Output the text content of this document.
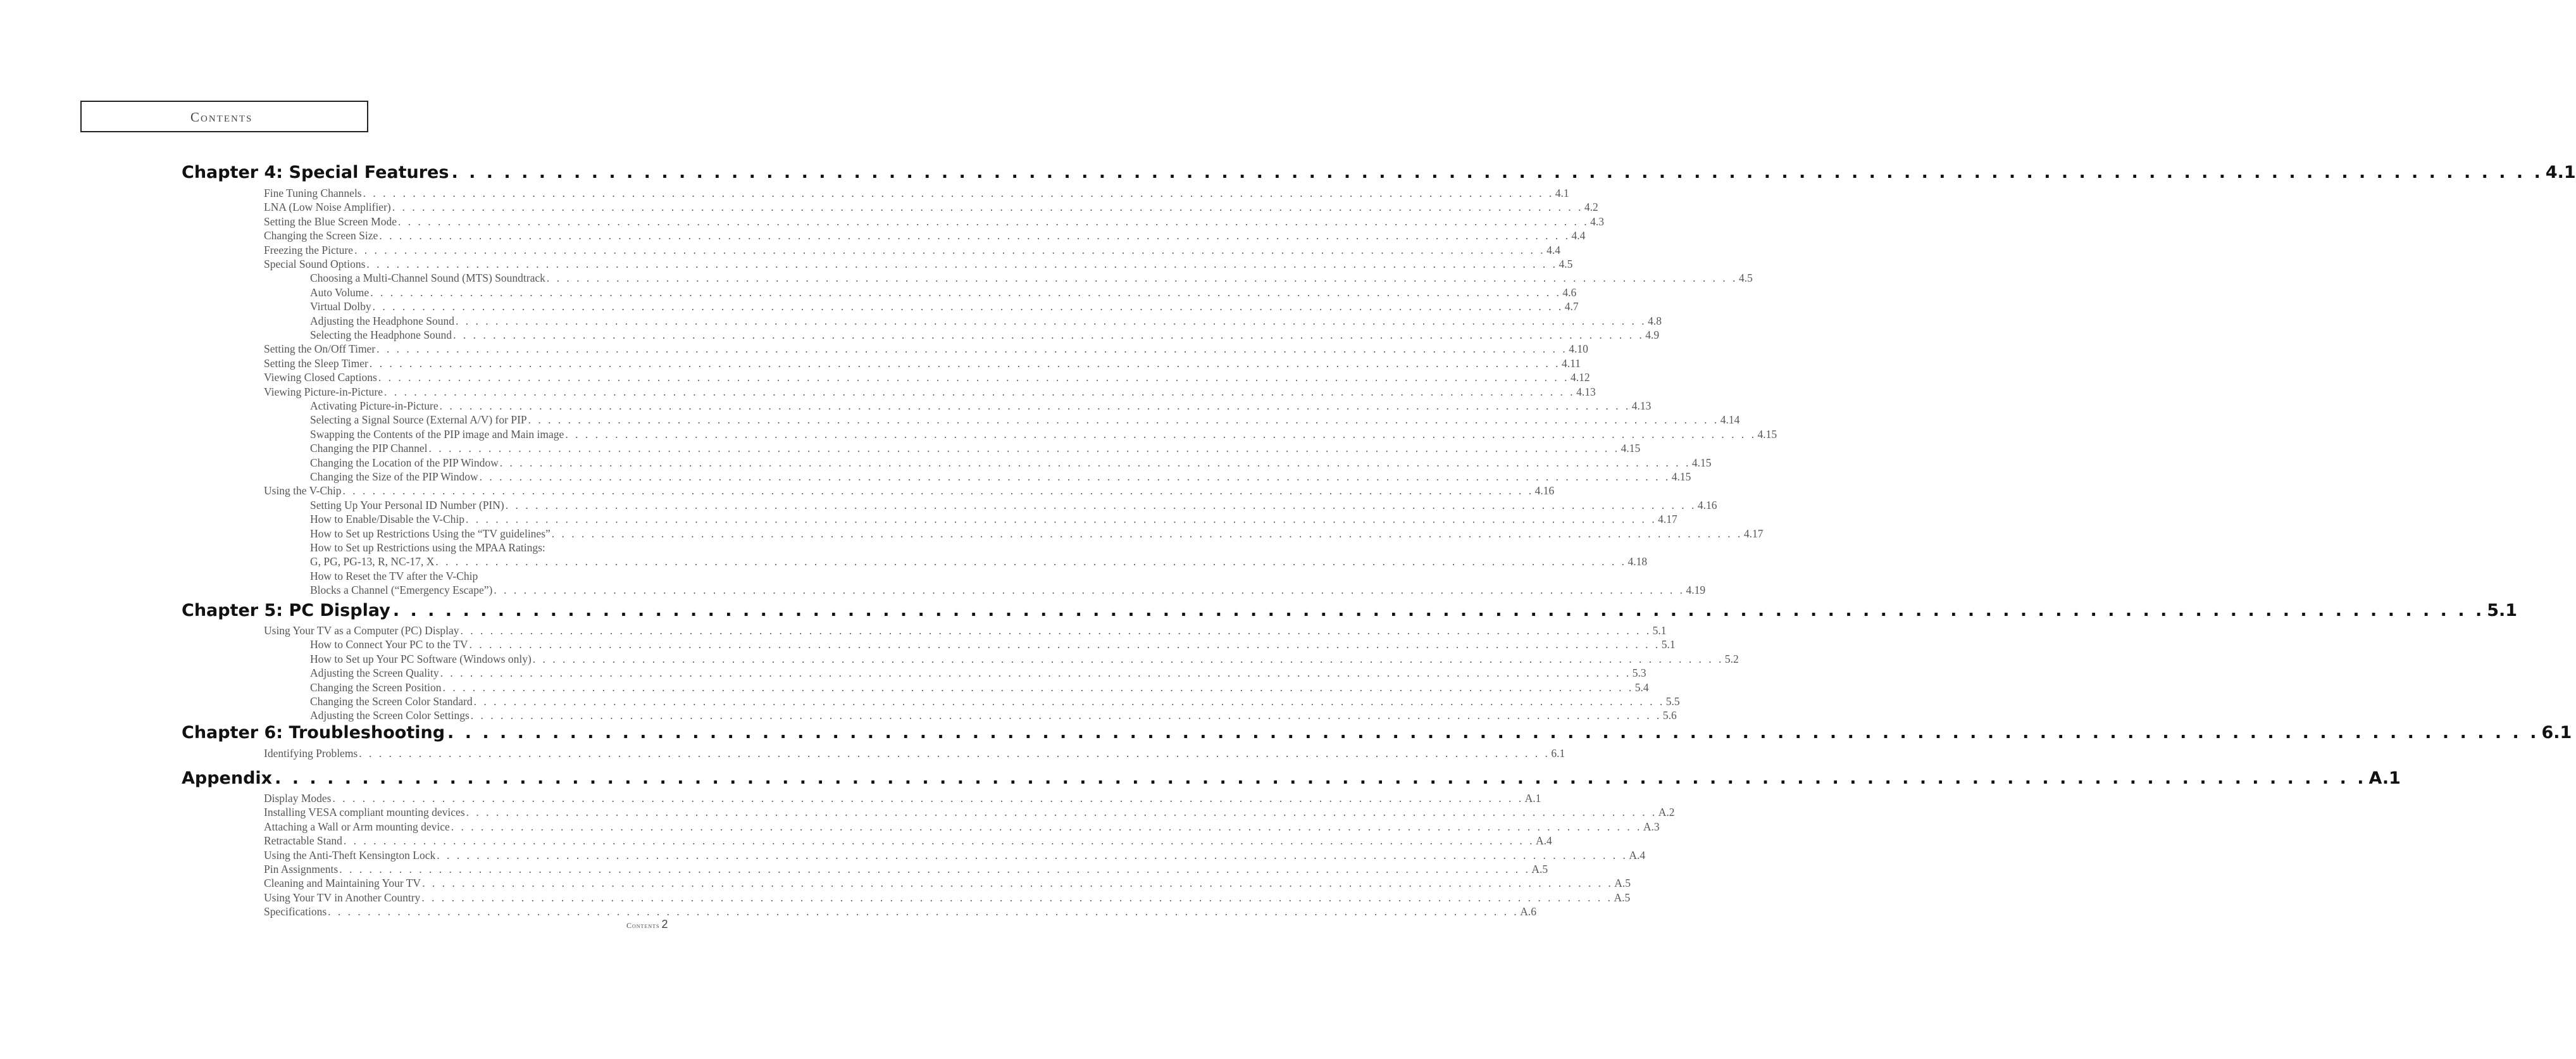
Contents
Chapter 4: Special Features . . . . . . . . . . . . . . . . . . . . . . . . . . . . . . . . . . . . . . . . . . . . . . . . . . . . . . . . . . . . . . . . . . . . . . . . . . . . . . . . . . . . . . . . . . . . . . . . . . . . . . . . . . . . . . . . . . . . . . . . 4.1
Fine Tuning Channels . . . . . . . . . . . . . . . . . . . . . . . . . . . . . . . . . . . . . . . . . . . . . . . . . . . . . . . . . . . . . . . . . . . . . . . . . . . . . . . . . . . . . . . . . . . . . . . . . . . . . . . . . . . . . . . . . . . . . . . . 4.1
LNA (Low Noise Amplifier) . . . . . . . . . . . . . . . . . . . . . . . . . . . . . . . . . . . . . . . . . . . . . . . . . . . . . . . . . . . . . . . . . . . . . . . . . . . . . . . . . . . . . . . . . . . . . . . . . . . . . . . . . . . . . . . . . . . . . . . . 4.2
Setting the Blue Screen Mode . . . . . . . . . . . . . . . . . . . . . . . . . . . . . . . . . . . . . . . . . . . . . . . . . . . . . . . . . . . . . . . . . . . . . . . . . . . . . . . . . . . . . . . . . . . . . . . . . . . . . . . . . . . . . . . . . . . . . . . . 4.3
Changing the Screen Size . . . . . . . . . . . . . . . . . . . . . . . . . . . . . . . . . . . . . . . . . . . . . . . . . . . . . . . . . . . . . . . . . . . . . . . . . . . . . . . . . . . . . . . . . . . . . . . . . . . . . . . . . . . . . . . . . . . . . . . . 4.4
Freezing the Picture . . . . . . . . . . . . . . . . . . . . . . . . . . . . . . . . . . . . . . . . . . . . . . . . . . . . . . . . . . . . . . . . . . . . . . . . . . . . . . . . . . . . . . . . . . . . . . . . . . . . . . . . . . . . . . . . . . . . . . . . 4.4
Special Sound Options . . . . . . . . . . . . . . . . . . . . . . . . . . . . . . . . . . . . . . . . . . . . . . . . . . . . . . . . . . . . . . . . . . . . . . . . . . . . . . . . . . . . . . . . . . . . . . . . . . . . . . . . . . . . . . . . . . . . . . . . 4.5
Choosing a Multi-Channel Sound (MTS) Soundtrack . . . . . . . . . . . . . . . . . . . . . . . . . . . . . . . . . . . . . . . . . . . . . . . . . . . . . . . . . . . . . . . . . . . . . . . . . . . . . . . . . . . . . . . . . . . . . . . . . . . . . . . . . . . . . . . . . . . . . . . . 4.5
Auto Volume . . . . . . . . . . . . . . . . . . . . . . . . . . . . . . . . . . . . . . . . . . . . . . . . . . . . . . . . . . . . . . . . . . . . . . . . . . . . . . . . . . . . . . . . . . . . . . . . . . . . . . . . . . . . . . . . . . . . . . . . 4.6
Virtual Dolby . . . . . . . . . . . . . . . . . . . . . . . . . . . . . . . . . . . . . . . . . . . . . . . . . . . . . . . . . . . . . . . . . . . . . . . . . . . . . . . . . . . . . . . . . . . . . . . . . . . . . . . . . . . . . . . . . . . . . . . . 4.7
Adjusting the Headphone Sound . . . . . . . . . . . . . . . . . . . . . . . . . . . . . . . . . . . . . . . . . . . . . . . . . . . . . . . . . . . . . . . . . . . . . . . . . . . . . . . . . . . . . . . . . . . . . . . . . . . . . . . . . . . . . . . . . . . . . . . . 4.8
Selecting the Headphone Sound . . . . . . . . . . . . . . . . . . . . . . . . . . . . . . . . . . . . . . . . . . . . . . . . . . . . . . . . . . . . . . . . . . . . . . . . . . . . . . . . . . . . . . . . . . . . . . . . . . . . . . . . . . . . . . . . . . . . . . . . 4.9
Setting the On/Off Timer . . . . . . . . . . . . . . . . . . . . . . . . . . . . . . . . . . . . . . . . . . . . . . . . . . . . . . . . . . . . . . . . . . . . . . . . . . . . . . . . . . . . . . . . . . . . . . . . . . . . . . . . . . . . . . . . . . . . . . . . 4.10
Setting the Sleep Timer . . . . . . . . . . . . . . . . . . . . . . . . . . . . . . . . . . . . . . . . . . . . . . . . . . . . . . . . . . . . . . . . . . . . . . . . . . . . . . . . . . . . . . . . . . . . . . . . . . . . . . . . . . . . . . . . . . . . . . . . 4.11
Viewing Closed Captions . . . . . . . . . . . . . . . . . . . . . . . . . . . . . . . . . . . . . . . . . . . . . . . . . . . . . . . . . . . . . . . . . . . . . . . . . . . . . . . . . . . . . . . . . . . . . . . . . . . . . . . . . . . . . . . . . . . . . . . . 4.12
Viewing Picture-in-Picture . . . . . . . . . . . . . . . . . . . . . . . . . . . . . . . . . . . . . . . . . . . . . . . . . . . . . . . . . . . . . . . . . . . . . . . . . . . . . . . . . . . . . . . . . . . . . . . . . . . . . . . . . . . . . . . . . . . . . . . . 4.13
Activating Picture-in-Picture . . . . . . . . . . . . . . . . . . . . . . . . . . . . . . . . . . . . . . . . . . . . . . . . . . . . . . . . . . . . . . . . . . . . . . . . . . . . . . . . . . . . . . . . . . . . . . . . . . . . . . . . . . . . . . . . . . . . . . . . 4.13
Selecting a Signal Source (External A/V) for PIP . . . . . . . . . . . . . . . . . . . . . . . . . . . . . . . . . . . . . . . . . . . . . . . . . . . . . . . . . . . . . . . . . . . . . . . . . . . . . . . . . . . . . . . . . . . . . . . . . . . . . . . . . . . . . . . . . . . . . . . . 4.14
Swapping the Contents of the PIP image and Main image . . . . . . . . . . . . . . . . . . . . . . . . . . . . . . . . . . . . . . . . . . . . . . . . . . . . . . . . . . . . . . . . . . . . . . . . . . . . . . . . . . . . . . . . . . . . . . . . . . . . . . . . . . . . . . . . . . . . . . . . 4.15
Changing the PIP Channel . . . . . . . . . . . . . . . . . . . . . . . . . . . . . . . . . . . . . . . . . . . . . . . . . . . . . . . . . . . . . . . . . . . . . . . . . . . . . . . . . . . . . . . . . . . . . . . . . . . . . . . . . . . . . . . . . . . . . . . . 4.15
Changing the Location of the PIP Window . . . . . . . . . . . . . . . . . . . . . . . . . . . . . . . . . . . . . . . . . . . . . . . . . . . . . . . . . . . . . . . . . . . . . . . . . . . . . . . . . . . . . . . . . . . . . . . . . . . . . . . . . . . . . . . . . . . . . . . . 4.15
Changing the Size of the PIP Window . . . . . . . . . . . . . . . . . . . . . . . . . . . . . . . . . . . . . . . . . . . . . . . . . . . . . . . . . . . . . . . . . . . . . . . . . . . . . . . . . . . . . . . . . . . . . . . . . . . . . . . . . . . . . . . . . . . . . . . . 4.15
Using the V-Chip . . . . . . . . . . . . . . . . . . . . . . . . . . . . . . . . . . . . . . . . . . . . . . . . . . . . . . . . . . . . . . . . . . . . . . . . . . . . . . . . . . . . . . . . . . . . . . . . . . . . . . . . . . . . . . . . . . . . . . . . 4.16
Setting Up Your Personal ID Number (PIN) . . . . . . . . . . . . . . . . . . . . . . . . . . . . . . . . . . . . . . . . . . . . . . . . . . . . . . . . . . . . . . . . . . . . . . . . . . . . . . . . . . . . . . . . . . . . . . . . . . . . . . . . . . . . . . . . . . . . . . . . 4.16
How to Enable/Disable the V-Chip . . . . . . . . . . . . . . . . . . . . . . . . . . . . . . . . . . . . . . . . . . . . . . . . . . . . . . . . . . . . . . . . . . . . . . . . . . . . . . . . . . . . . . . . . . . . . . . . . . . . . . . . . . . . . . . . . . . . . . . . 4.17
How to Set up Restrictions Using the “TV guidelines” . . . . . . . . . . . . . . . . . . . . . . . . . . . . . . . . . . . . . . . . . . . . . . . . . . . . . . . . . . . . . . . . . . . . . . . . . . . . . . . . . . . . . . . . . . . . . . . . . . . . . . . . . . . . . . . . . . . . . . . . 4.17
How to Set up Restrictions using the MPAA Ratings:
G, PG, PG-13, R, NC-17, X . . . . . . . . . . . . . . . . . . . . . . . . . . . . . . . . . . . . . . . . . . . . . . . . . . . . . . . . . . . . . . . . . . . . . . . . . . . . . . . . . . . . . . . . . . . . . . . . . . . . . . . . . . . . . . . . . . . . . . . . 4.18
How to Reset the TV after the V-Chip
Blocks a Channel (“Emergency Escape”) . . . . . . . . . . . . . . . . . . . . . . . . . . . . . . . . . . . . . . . . . . . . . . . . . . . . . . . . . . . . . . . . . . . . . . . . . . . . . . . . . . . . . . . . . . . . . . . . . . . . . . . . . . . . . . . . . . . . . . . . 4.19
Chapter 5: PC Display . . . . . . . . . . . . . . . . . . . . . . . . . . . . . . . . . . . . . . . . . . . . . . . . . . . . . . . . . . . . . . . . . . . . . . . . . . . . . . . . . . . . . . . . . . . . . . . . . . . . . . . . . . . . . . . . . . . . . . . . 5.1
Using Your TV as a Computer (PC) Display . . . . . . . . . . . . . . . . . . . . . . . . . . . . . . . . . . . . . . . . . . . . . . . . . . . . . . . . . . . . . . . . . . . . . . . . . . . . . . . . . . . . . . . . . . . . . . . . . . . . . . . . . . . . . . . . . . . . . . . . 5.1
How to Connect Your PC to the TV . . . . . . . . . . . . . . . . . . . . . . . . . . . . . . . . . . . . . . . . . . . . . . . . . . . . . . . . . . . . . . . . . . . . . . . . . . . . . . . . . . . . . . . . . . . . . . . . . . . . . . . . . . . . . . . . . . . . . . . . 5.1
How to Set up Your PC Software (Windows only) . . . . . . . . . . . . . . . . . . . . . . . . . . . . . . . . . . . . . . . . . . . . . . . . . . . . . . . . . . . . . . . . . . . . . . . . . . . . . . . . . . . . . . . . . . . . . . . . . . . . . . . . . . . . . . . . . . . . . . . . 5.2
Adjusting the Screen Quality . . . . . . . . . . . . . . . . . . . . . . . . . . . . . . . . . . . . . . . . . . . . . . . . . . . . . . . . . . . . . . . . . . . . . . . . . . . . . . . . . . . . . . . . . . . . . . . . . . . . . . . . . . . . . . . . . . . . . . . . 5.3
Changing the Screen Position . . . . . . . . . . . . . . . . . . . . . . . . . . . . . . . . . . . . . . . . . . . . . . . . . . . . . . . . . . . . . . . . . . . . . . . . . . . . . . . . . . . . . . . . . . . . . . . . . . . . . . . . . . . . . . . . . . . . . . . . 5.4
Changing the Screen Color Standard . . . . . . . . . . . . . . . . . . . . . . . . . . . . . . . . . . . . . . . . . . . . . . . . . . . . . . . . . . . . . . . . . . . . . . . . . . . . . . . . . . . . . . . . . . . . . . . . . . . . . . . . . . . . . . . . . . . . . . . . 5.5
Adjusting the Screen Color Settings . . . . . . . . . . . . . . . . . . . . . . . . . . . . . . . . . . . . . . . . . . . . . . . . . . . . . . . . . . . . . . . . . . . . . . . . . . . . . . . . . . . . . . . . . . . . . . . . . . . . . . . . . . . . . . . . . . . . . . . . 5.6
Chapter 6: Troubleshooting . . . . . . . . . . . . . . . . . . . . . . . . . . . . . . . . . . . . . . . . . . . . . . . . . . . . . . . . . . . . . . . . . . . . . . . . . . . . . . . . . . . . . . . . . . . . . . . . . . . . . . . . . . . . . . . . . . . . . . . . 6.1
Identifying Problems . . . . . . . . . . . . . . . . . . . . . . . . . . . . . . . . . . . . . . . . . . . . . . . . . . . . . . . . . . . . . . . . . . . . . . . . . . . . . . . . . . . . . . . . . . . . . . . . . . . . . . . . . . . . . . . . . . . . . . . . 6.1
Appendix . . . . . . . . . . . . . . . . . . . . . . . . . . . . . . . . . . . . . . . . . . . . . . . . . . . . . . . . . . . . . . . . . . . . . . . . . . . . . . . . . . . . . . . . . . . . . . . . . . . . . . . . . . . . . . . . . . . . . . . . A.1
Display Modes . . . . . . . . . . . . . . . . . . . . . . . . . . . . . . . . . . . . . . . . . . . . . . . . . . . . . . . . . . . . . . . . . . . . . . . . . . . . . . . . . . . . . . . . . . . . . . . . . . . . . . . . . . . . . . . . . . . . . . . . A.1
Installing VESA compliant mounting devices . . . . . . . . . . . . . . . . . . . . . . . . . . . . . . . . . . . . . . . . . . . . . . . . . . . . . . . . . . . . . . . . . . . . . . . . . . . . . . . . . . . . . . . . . . . . . . . . . . . . . . . . . . . . . . . . . . . . . . . . A.2
Attaching a Wall or Arm mounting device . . . . . . . . . . . . . . . . . . . . . . . . . . . . . . . . . . . . . . . . . . . . . . . . . . . . . . . . . . . . . . . . . . . . . . . . . . . . . . . . . . . . . . . . . . . . . . . . . . . . . . . . . . . . . . . . . . . . . . . . A.3
Retractable Stand . . . . . . . . . . . . . . . . . . . . . . . . . . . . . . . . . . . . . . . . . . . . . . . . . . . . . . . . . . . . . . . . . . . . . . . . . . . . . . . . . . . . . . . . . . . . . . . . . . . . . . . . . . . . . . . . . . . . . . . . A.4
Using the Anti-Theft Kensington Lock . . . . . . . . . . . . . . . . . . . . . . . . . . . . . . . . . . . . . . . . . . . . . . . . . . . . . . . . . . . . . . . . . . . . . . . . . . . . . . . . . . . . . . . . . . . . . . . . . . . . . . . . . . . . . . . . . . . . . . . . A.4
Pin Assignments . . . . . . . . . . . . . . . . . . . . . . . . . . . . . . . . . . . . . . . . . . . . . . . . . . . . . . . . . . . . . . . . . . . . . . . . . . . . . . . . . . . . . . . . . . . . . . . . . . . . . . . . . . . . . . . . . . . . . . . . A.5
Cleaning and Maintaining Your TV . . . . . . . . . . . . . . . . . . . . . . . . . . . . . . . . . . . . . . . . . . . . . . . . . . . . . . . . . . . . . . . . . . . . . . . . . . . . . . . . . . . . . . . . . . . . . . . . . . . . . . . . . . . . . . . . . . . . . . . . A.5
Using Your TV in Another Country . . . . . . . . . . . . . . . . . . . . . . . . . . . . . . . . . . . . . . . . . . . . . . . . . . . . . . . . . . . . . . . . . . . . . . . . . . . . . . . . . . . . . . . . . . . . . . . . . . . . . . . . . . . . . . . . . . . . . . . . A.5
Specifications . . . . . . . . . . . . . . . . . . . . . . . . . . . . . . . . . . . . . . . . . . . . . . . . . . . . . . . . . . . . . . . . . . . . . . . . . . . . . . . . . . . . . . . . . . . . . . . . . . . . . . . . . . . . . . . . . . . . . . . . A.6
Contents 2
